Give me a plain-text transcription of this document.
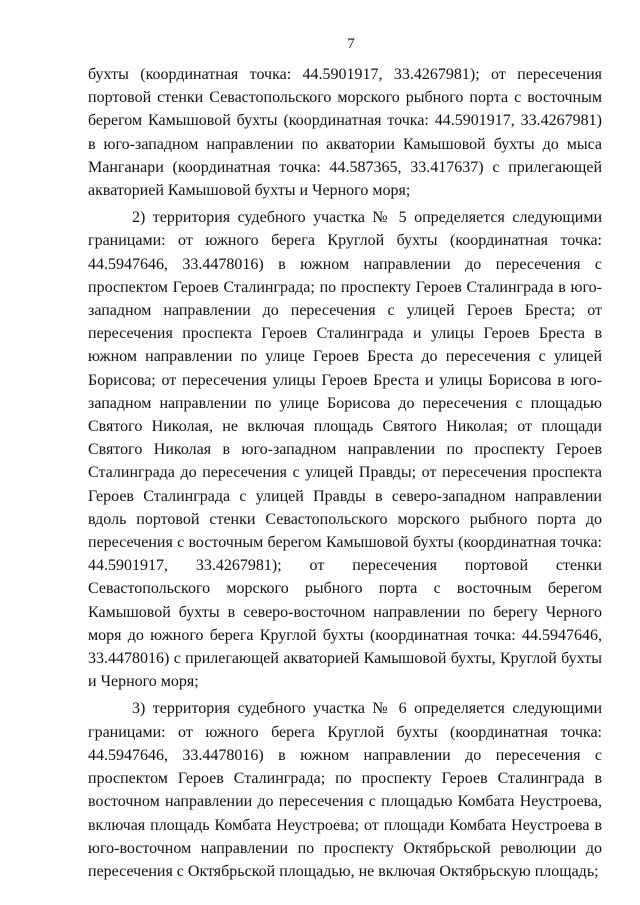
7

бухты (координатная точка: 44.5901917, 33.4267981); от пересечения портовой стенки Севастопольского морского рыбного порта с восточным берегом Камышовой бухты (координатная точка: 44.5901917, 33.4267981) в юго-западном направлении по акватории Камышовой бухты до мыса Манганари (координатная точка: 44.587365, 33.417637) с прилегающей акваторией Камышовой бухты и Черного моря;

2) территория судебного участка № 5 определяется следующими границами: от южного берега Круглой бухты (координатная точка: 44.5947646, 33.4478016) в южном направлении до пересечения с проспектом Героев Сталинграда; по проспекту Героев Сталинграда в юго-западном направлении до пересечения с улицей Героев Бреста; от пересечения проспекта Героев Сталинграда и улицы Героев Бреста в южном направлении по улице Героев Бреста до пересечения с улицей Борисова; от пересечения улицы Героев Бреста и улицы Борисова в юго-западном направлении по улице Борисова до пересечения с площадью Святого Николая, не включая площадь Святого Николая; от площади Святого Николая в юго-западном направлении по проспекту Героев Сталинграда до пересечения с улицей Правды; от пересечения проспекта Героев Сталинграда с улицей Правды в северо-западном направлении вдоль портовой стенки Севастопольского морского рыбного порта до пересечения с восточным берегом Камышовой бухты (координатная точка: 44.5901917, 33.4267981); от пересечения портовой стенки Севастопольского морского рыбного порта с восточным берегом Камышовой бухты в северо-восточном направлении по берегу Черного моря до южного берега Круглой бухты (координатная точка: 44.5947646, 33.4478016) с прилегающей акваторией Камышовой бухты, Круглой бухты и Черного моря;

3) территория судебного участка № 6 определяется следующими границами: от южного берега Круглой бухты (координатная точка: 44.5947646, 33.4478016) в южном направлении до пересечения с проспектом Героев Сталинграда; по проспекту Героев Сталинграда в восточном направлении до пересечения с площадью Комбата Неустроева, включая площадь Комбата Неустроева; от площади Комбата Неустроева в юго-восточном направлении по проспекту Октябрьской революции до пересечения с Октябрьской площадью, не включая Октябрьскую площадь;
